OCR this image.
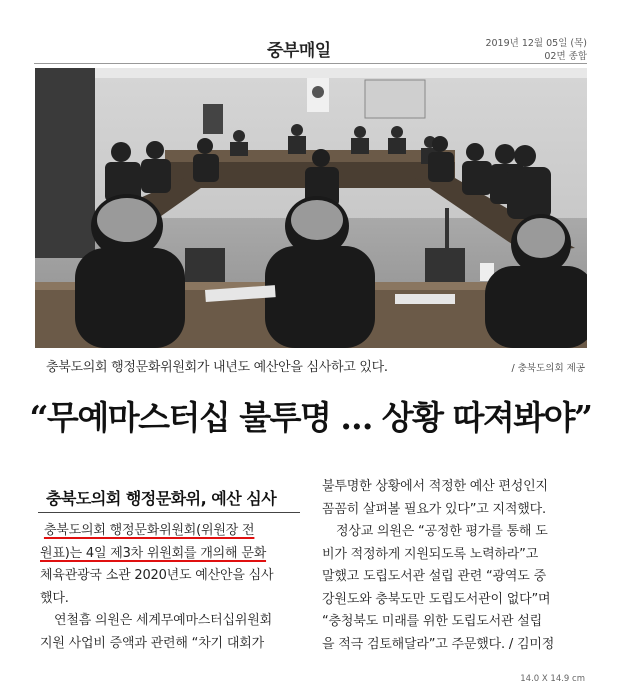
중부매일	2019년 12월 05일 (목)
02면 종합
충북도의회 행정문화위원회가 내년도 예산안을 심사하고 있다.	/ 충북도의회 제공
“무예마스터십 불투명 … 상황 따져봐야”
충북도의회 행정문화위, 예산 심사
충북도의회 행정문화위원회(위원장 전
원표)는 4일 제3차 위원회를 개의해 문화
체육관광국 소관 2020년도 예산안을 심사
했다.
연철흠 의원은 세계무예마스터십위원회
지원 사업비 증액과 관련해 “차기 대회가
불투명한 상황에서 적정한 예산 편성인지
꼼꼼히 살펴볼 필요가 있다”고 지적했다.
정상교 의원은 “공정한 평가를 통해 도
비가 적정하게 지원되도록 노력하라”고
말했고 도립도서관 설립 관련 “광역도 중
강원도와 충북도만 도립도서관이 없다”며
“충청북도 미래를 위한 도립도서관 설립
을 적극 검토해달라”고 주문했다. / 김미정
14.0 X 14.9 cm
